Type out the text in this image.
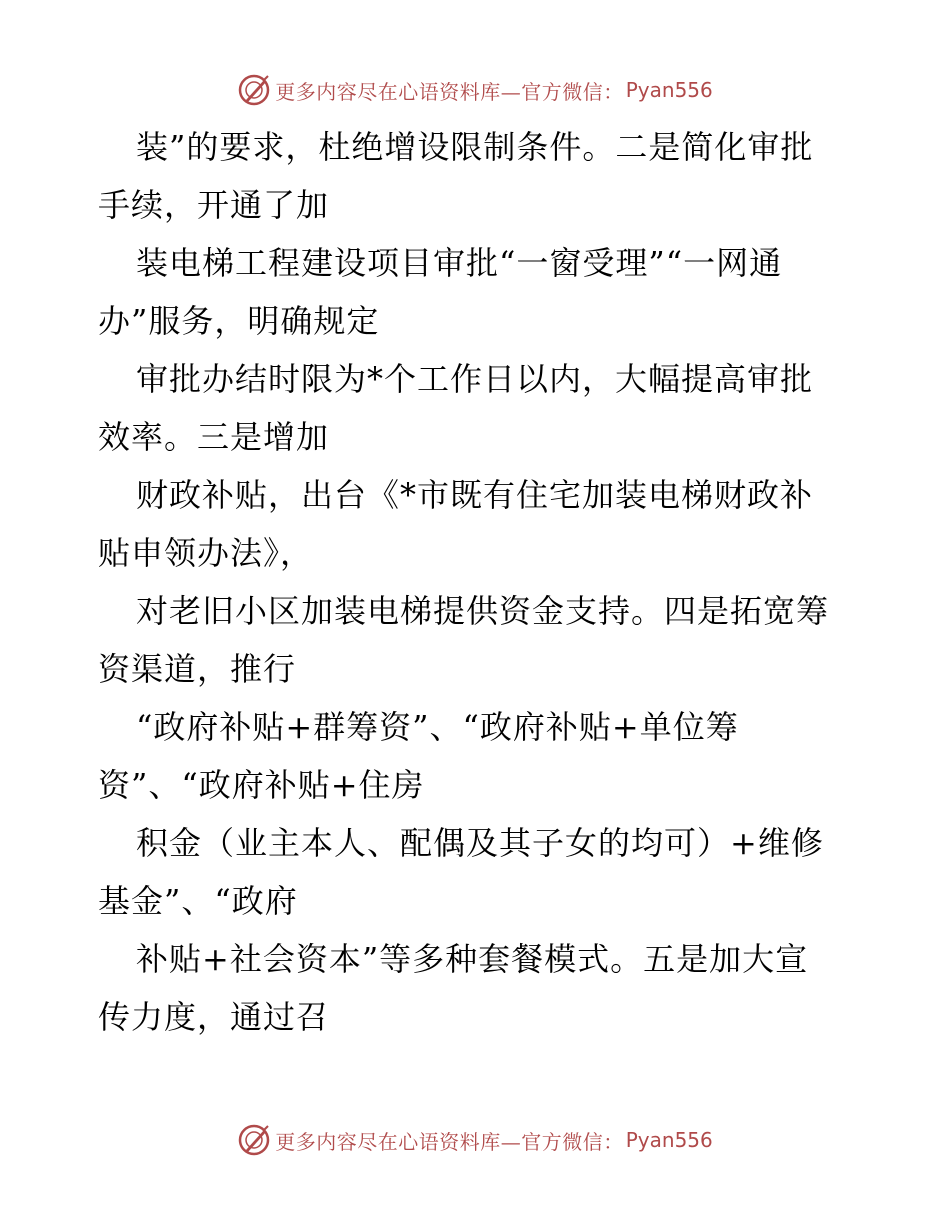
更多内容尽在心语资料库—官方微信： Pyan556
装”的要求，杜绝增设限制条件。二是简化审批
手续，开通了加
装电梯工程建设项目审批“一窗受理”“一网通
办”服务，明确规定
审批办结时限为*个工作日以内，大幅提高审批
效率。三是增加
财政补贴，出台《*市既有住宅加装电梯财政补
贴申领办法》，
对老旧小区加装电梯提供资金支持。四是拓宽筹
资渠道，推行
“政府补贴+群筹资”、“政府补贴+单位筹
资”、“政府补贴+住房
积金（业主本人、配偶及其子女的均可）+维修
基金”、“政府
补贴+社会资本”等多种套餐模式。五是加大宣
传力度，通过召
更多内容尽在心语资料库—官方微信： Pyan556
